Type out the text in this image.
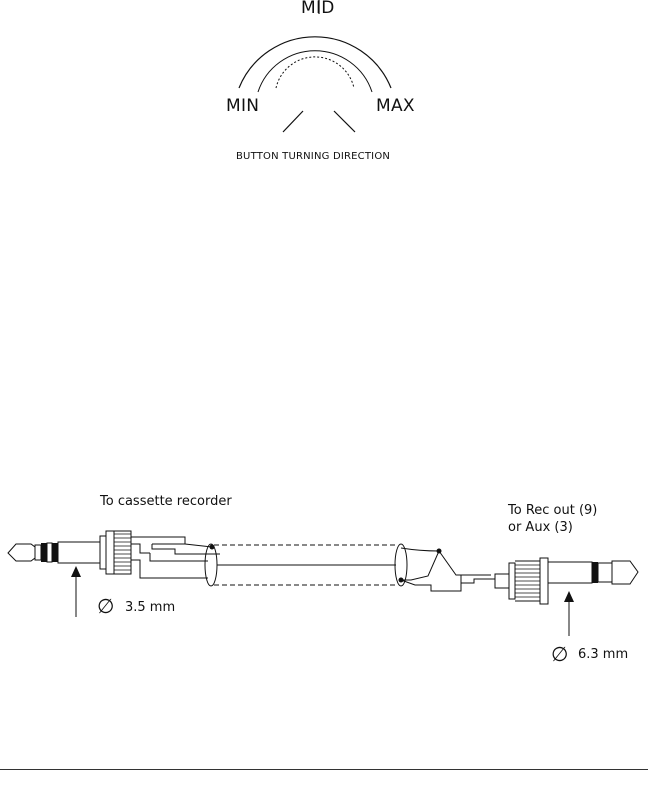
MID
MIN	MAX
BUTTON TURNING DIRECTION
To cassette recorder
To Rec out (9)
or Aux (3)
∅ 3.5 mm
∅ 6.3 mm
